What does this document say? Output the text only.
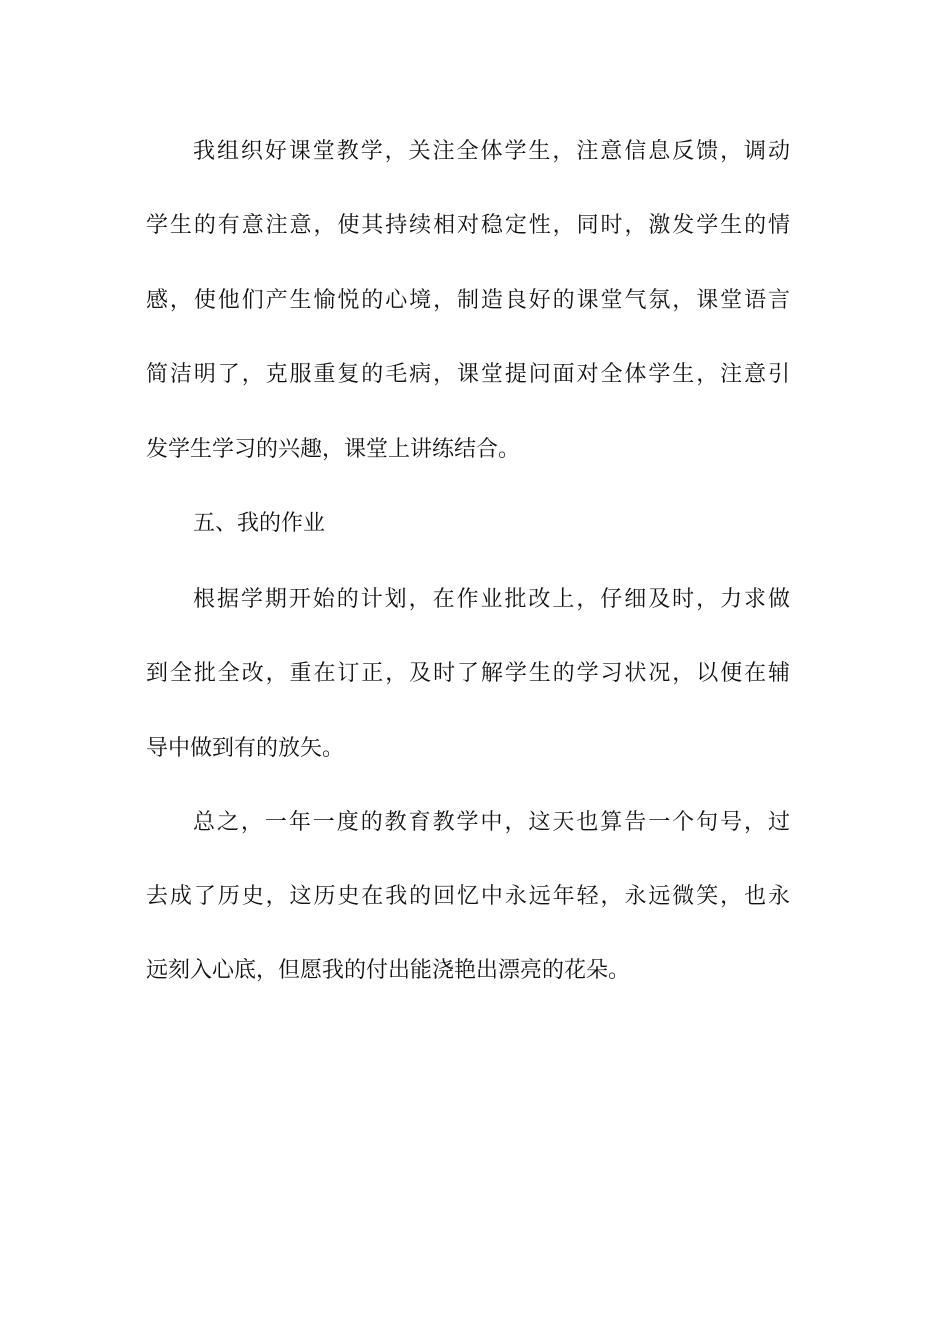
我组织好课堂教学，关注全体学生，注意信息反馈，调动
学生的有意注意，使其持续相对稳定性，同时，激发学生的情
感，使他们产生愉悦的心境，制造良好的课堂气氛，课堂语言
简洁明了，克服重复的毛病，课堂提问面对全体学生，注意引
发学生学习的兴趣，课堂上讲练结合。
五、我的作业
根据学期开始的计划，在作业批改上，仔细及时，力求做
到全批全改，重在订正，及时了解学生的学习状况，以便在辅
导中做到有的放矢。
总之，一年一度的教育教学中，这天也算告一个句号，过
去成了历史，这历史在我的回忆中永远年轻，永远微笑，也永
远刻入心底，但愿我的付出能浇艳出漂亮的花朵。
